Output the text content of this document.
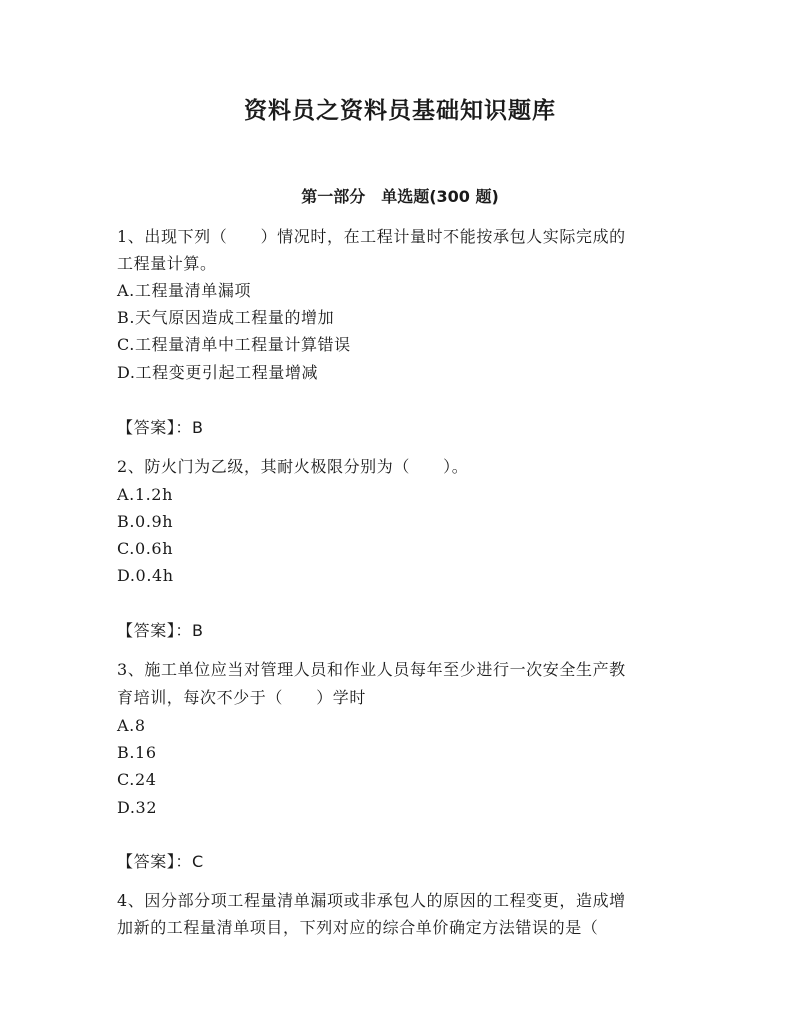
资料员之资料员基础知识题库
第一部分　单选题(300 题)
1、出现下列（　　）情况时，在工程计量时不能按承包人实际完成的
工程量计算。
A.工程量清单漏项
B.天气原因造成工程量的增加
C.工程量清单中工程量计算错误
D.工程变更引起工程量增减
【答案】：B
2、防火门为乙级，其耐火极限分别为（　　）。
A.1.2h
B.0.9h
C.0.6h
D.0.4h
【答案】：B
3、施工单位应当对管理人员和作业人员每年至少进行一次安全生产教
育培训，每次不少于（　　）学时
A.8
B.16
C.24
D.32
【答案】：C
4、因分部分项工程量清单漏项或非承包人的原因的工程变更，造成增
加新的工程量清单项目，下列对应的综合单价确定方法错误的是（
